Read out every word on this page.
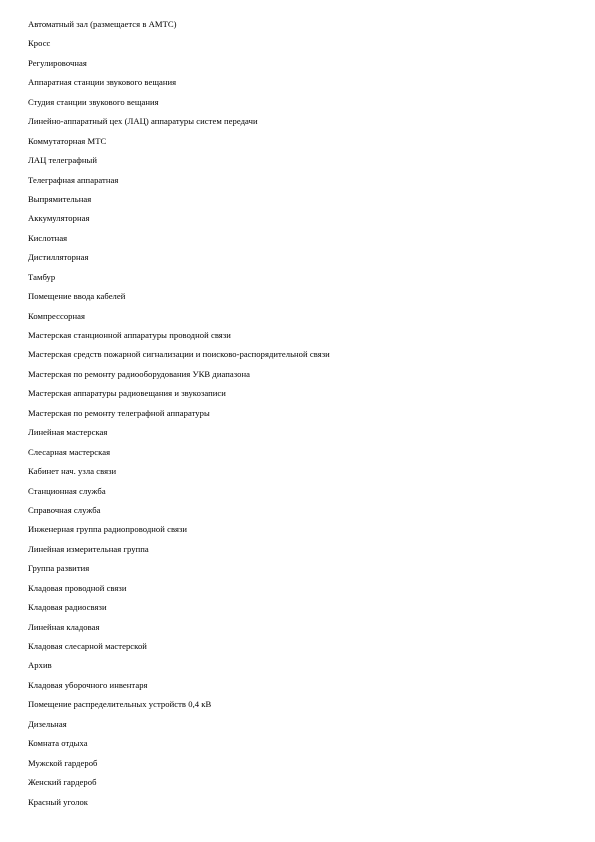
Автоматный зал (размещается в АМТС)
Кросс
Регулировочная
Аппаратная станции звукового вещания
Студия станции звукового вещания
Линейно-аппаратный цех (ЛАЦ) аппаратуры систем передачи
Коммутаторная МТС
ЛАЦ телеграфный
Телеграфная аппаратная
Выпрямительная
Аккумуляторная
Кислотная
Дистилляторная
Тамбур
Помещение ввода кабелей
Компрессорная
Мастерская станционной аппаратуры проводной связи
Мастерская средств пожарной сигнализации и поисково-распорядительной связи
Мастерская по ремонту радиооборудования УКВ диапазона
Мастерская аппаратуры радиовещания и звукозаписи
Мастерская по ремонту телеграфной аппаратуры
Линейная мастерская
Слесарная мастерская
Кабинет нач. узла связи
Станционная служба
Справочная служба
Инженерная группа радиопроводной связи
Линейная измерительная группа
Группа развития
Кладовая проводной связи
Кладовая радиосвязи
Линейная кладовая
Кладовая слесарной мастерской
Архив
Кладовая уборочного инвентаря
Помещение распределительных устройств 0,4 кВ
Дизельная
Комната отдыха
Мужской гардероб
Женский гардероб
Красный уголок
